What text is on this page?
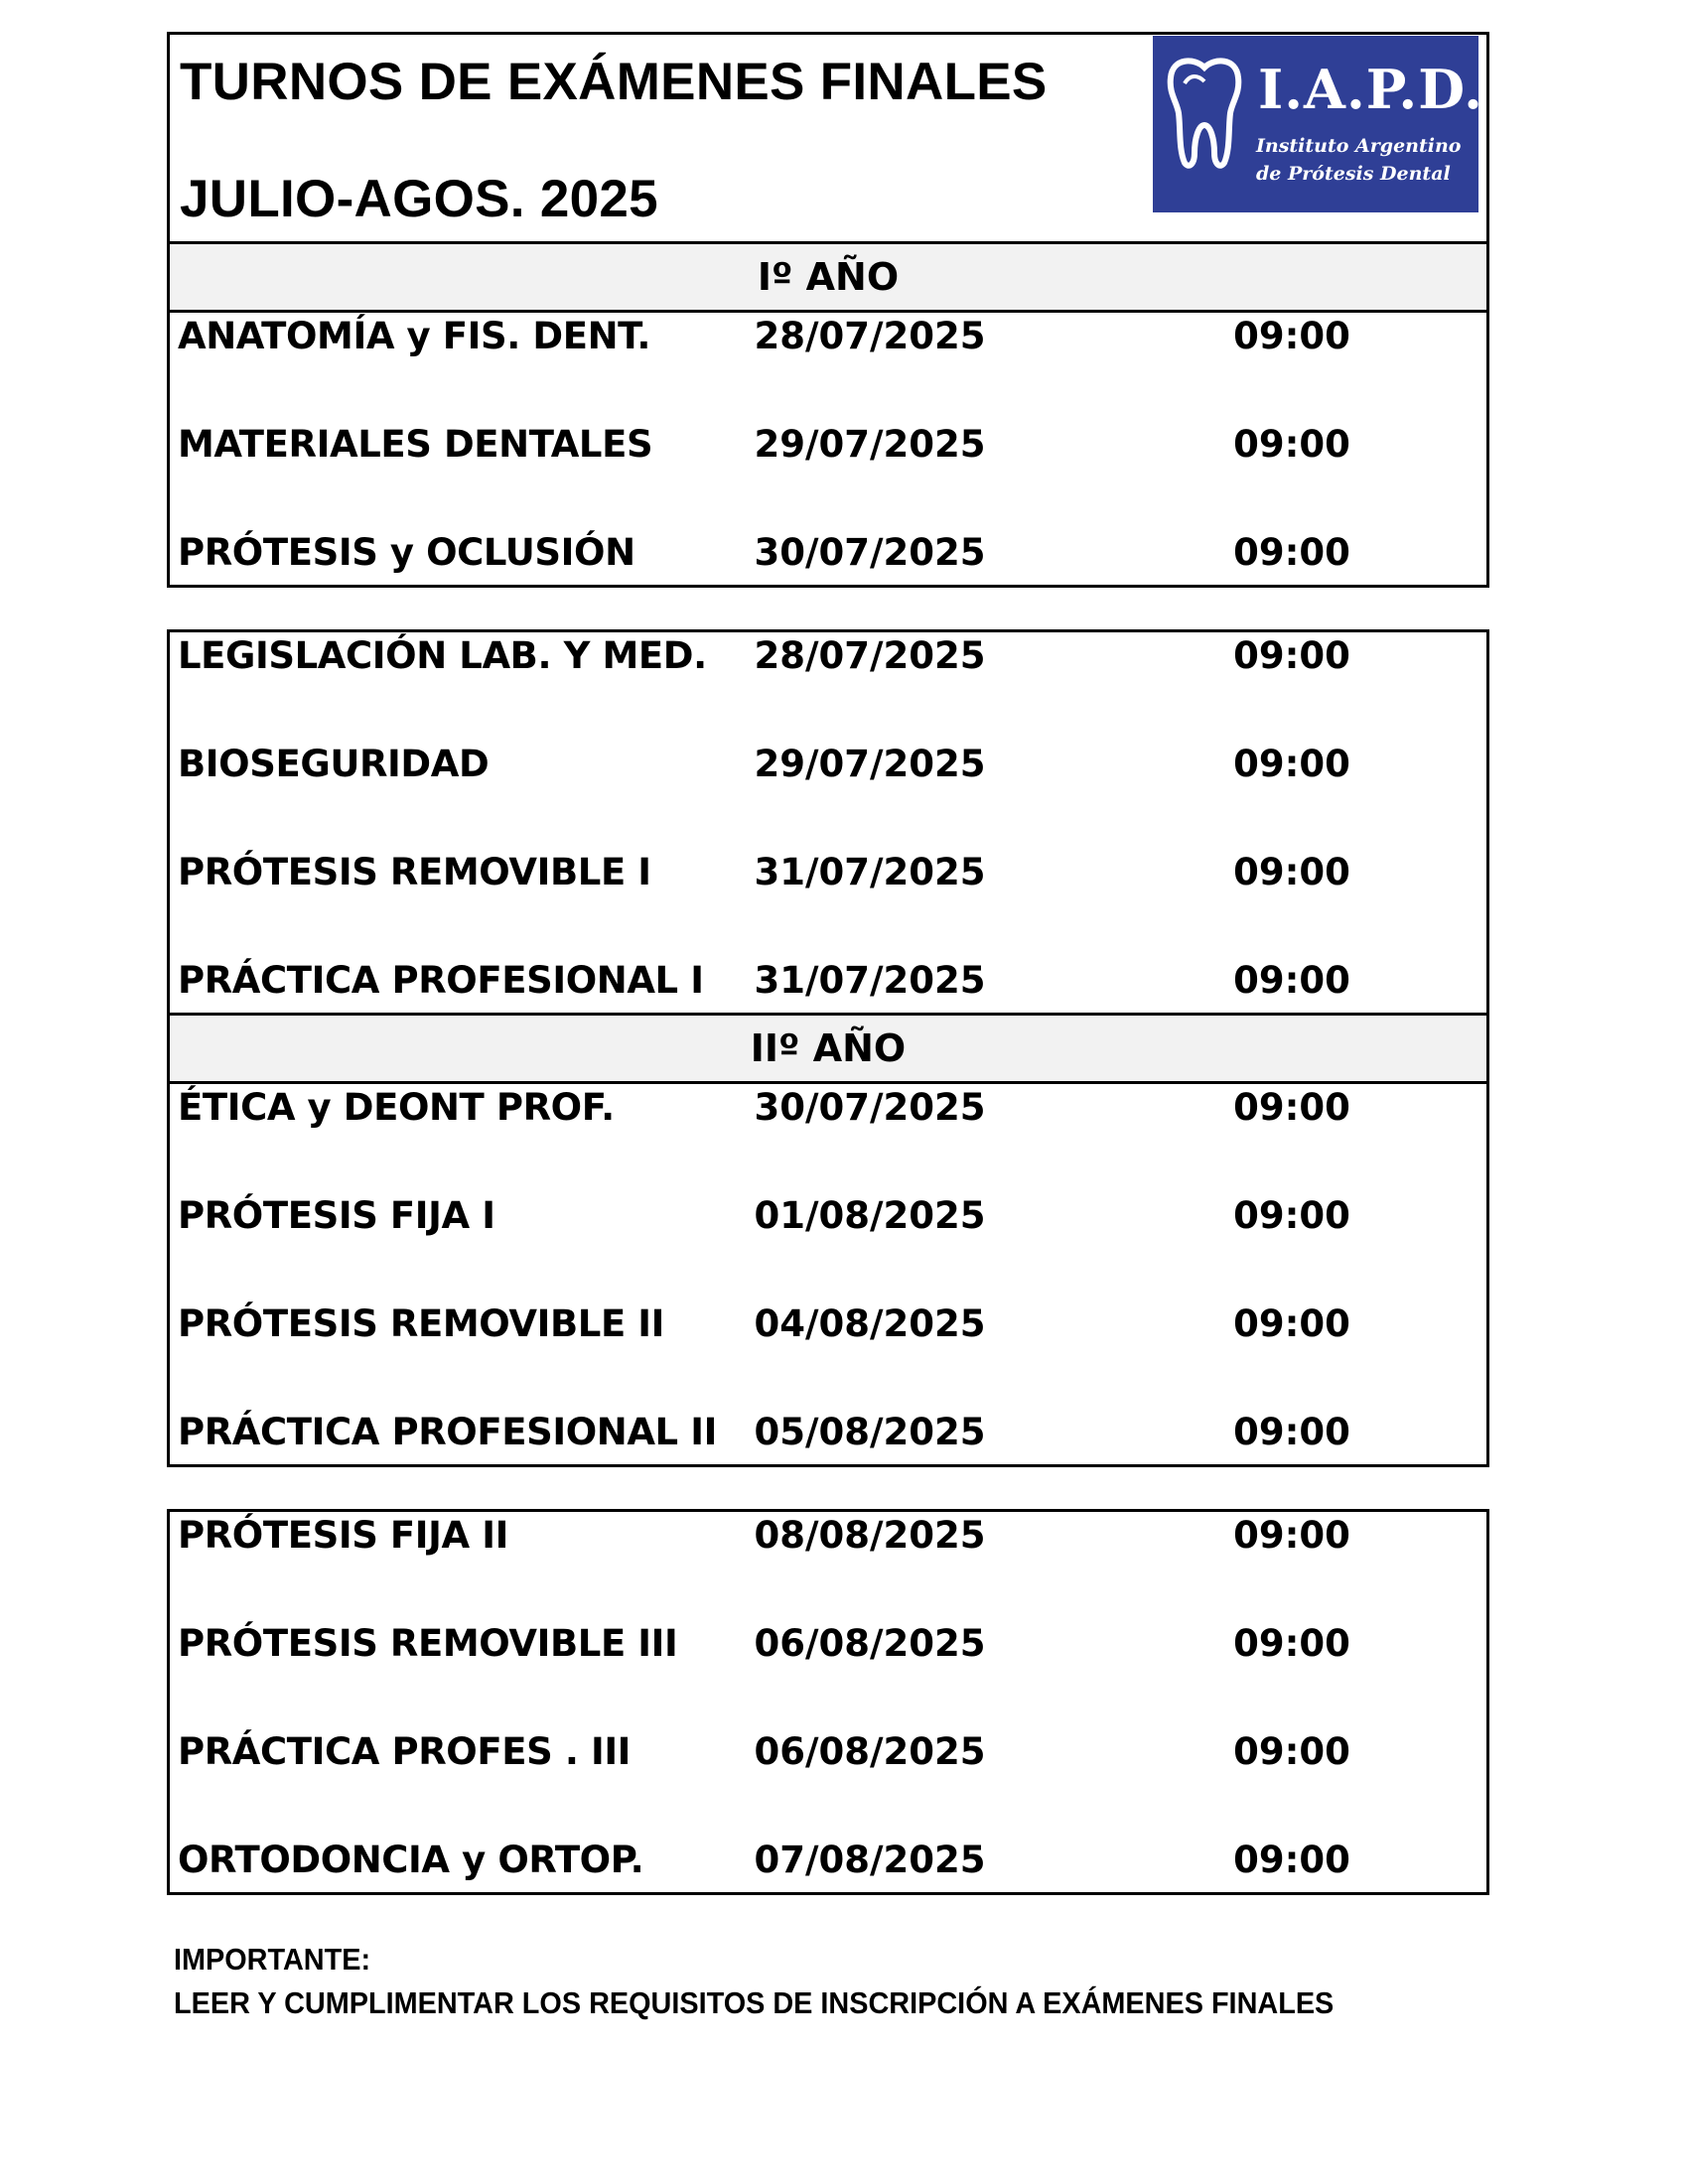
TURNOS DE EXÁMENES FINALES
JULIO-AGOS. 2025
I.A.P.D.
Instituto Argentino
de Prótesis Dental
Iº AÑO
ANATOMÍA y FIS. DENT.	28/07/2025	09:00
MATERIALES DENTALES	29/07/2025	09:00
PRÓTESIS y OCLUSIÓN	30/07/2025	09:00
LEGISLACIÓN LAB. Y MED.	28/07/2025	09:00
BIOSEGURIDAD	29/07/2025	09:00
PRÓTESIS REMOVIBLE I	31/07/2025	09:00
PRÁCTICA PROFESIONAL I	31/07/2025	09:00
IIº AÑO
ÉTICA y DEONT PROF.	30/07/2025	09:00
PRÓTESIS FIJA I	01/08/2025	09:00
PRÓTESIS REMOVIBLE II	04/08/2025	09:00
PRÁCTICA PROFESIONAL II	05/08/2025	09:00
PRÓTESIS FIJA II	08/08/2025	09:00
PRÓTESIS REMOVIBLE III	06/08/2025	09:00
PRÁCTICA PROFES . III	06/08/2025	09:00
ORTODONCIA y ORTOP.	07/08/2025	09:00
IMPORTANTE:
LEER Y CUMPLIMENTAR LOS REQUISITOS DE INSCRIPCIÓN A EXÁMENES FINALES
